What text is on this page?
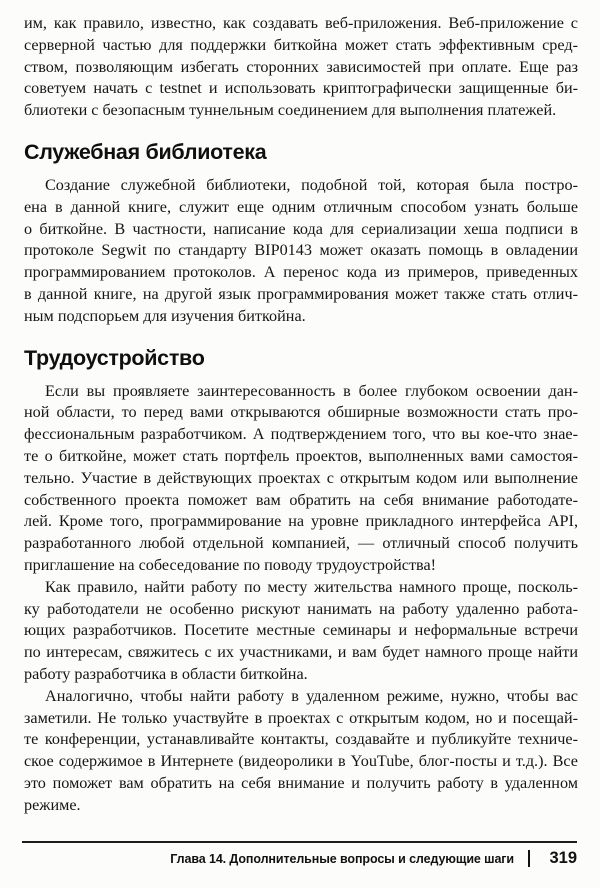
им, как правило, известно, как создавать веб-приложения. Веб-приложение с
серверной частью для поддержки биткойна может стать эффективным сред-
ством, позволяющим избегать сторонних зависимостей при оплате. Еще раз
советуем начать с testnet и использовать криптографически защищенные би-
блиотеки с безопасным туннельным соединением для выполнения платежей.
Служебная библиотека
Создание служебной библиотеки, подобной той, которая была постро-
ена в данной книге, служит еще одним отличным способом узнать больше
о биткойне. В частности, написание кода для сериализации хеша подписи в
протоколе Segwit по стандарту BIP0143 может оказать помощь в овладении
программированием протоколов. А перенос кода из примеров, приведенных
в данной книге, на другой язык программирования может также стать отлич-
ным подспорьем для изучения биткойна.
Трудоустройство
Если вы проявляете заинтересованность в более глубоком освоении дан-
ной области, то перед вами открываются обширные возможности стать про-
фессиональным разработчиком. А подтверждением того, что вы кое-что знае-
те о биткойне, может стать портфель проектов, выполненных вами самостоя-
тельно. Участие в действующих проектах с открытым кодом или выполнение
собственного проекта поможет вам обратить на себя внимание работодате-
лей. Кроме того, программирование на уровне прикладного интерфейса API,
разработанного любой отдельной компанией, — отличный способ получить
приглашение на собеседование по поводу трудоустройства!
Как правило, найти работу по месту жительства намного проще, посколь-
ку работодатели не особенно рискуют нанимать на работу удаленно работа-
ющих разработчиков. Посетите местные семинары и неформальные встречи
по интересам, свяжитесь с их участниками, и вам будет намного проще найти
работу разработчика в области биткойна.
Аналогично, чтобы найти работу в удаленном режиме, нужно, чтобы вас
заметили. Не только участвуйте в проектах с открытым кодом, но и посещай-
те конференции, устанавливайте контакты, создавайте и публикуйте техниче-
ское содержимое в Интернете (видеоролики в YouTube, блог-посты и т.д.). Все
это поможет вам обратить на себя внимание и получить работу в удаленном
режиме.
Глава 14. Дополнительные вопросы и следующие шаги	319
